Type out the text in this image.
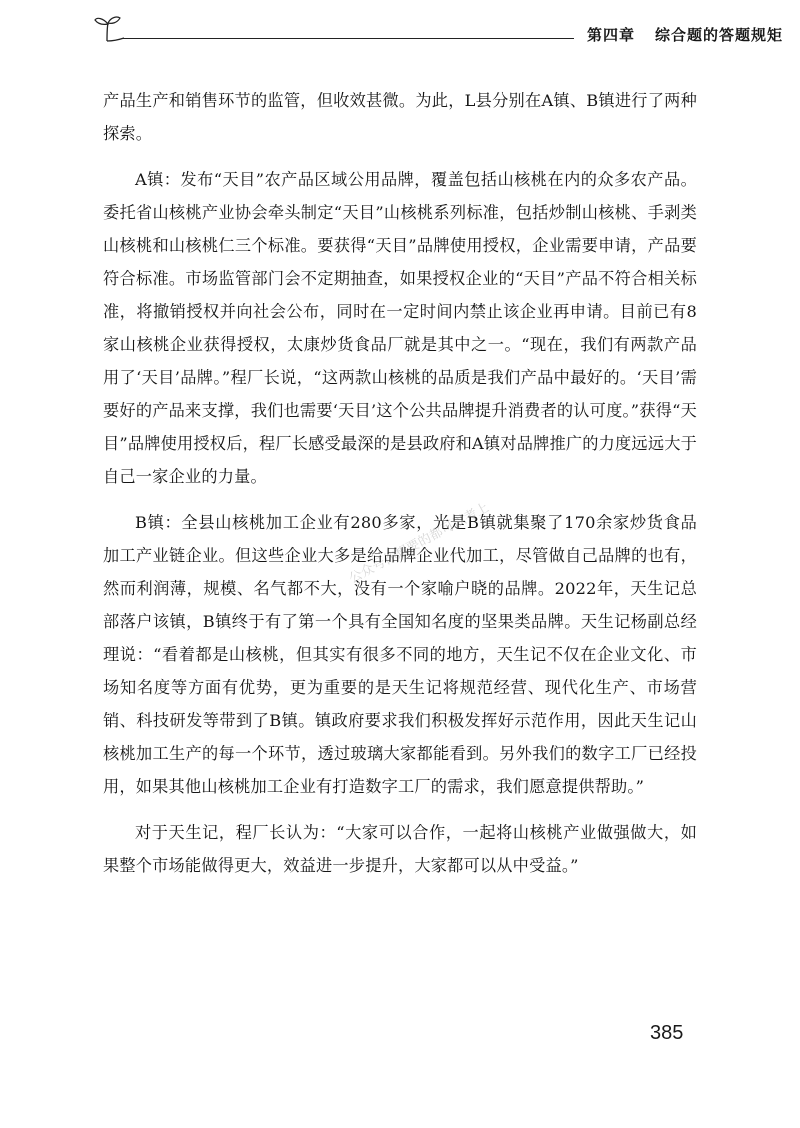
第四章 综合题的答题规矩
公众号你想要的都可以考上

产品生产和销售环节的监管，但收效甚微。为此，L县分别在A镇、B镇进行了两种探索。

A镇：发布“天目”农产品区域公用品牌，覆盖包括山核桃在内的众多农产品。委托省山核桃产业协会牵头制定“天目”山核桃系列标准，包括炒制山核桃、手剥类山核桃和山核桃仁三个标准。要获得“天目”品牌使用授权，企业需要申请，产品要符合标准。市场监管部门会不定期抽查，如果授权企业的“天目”产品不符合相关标准，将撤销授权并向社会公布，同时在一定时间内禁止该企业再申请。目前已有8家山核桃企业获得授权，太康炒货食品厂就是其中之一。“现在，我们有两款产品用了‘天目’品牌。”程厂长说，“这两款山核桃的品质是我们产品中最好的。‘天目’需要好的产品来支撑，我们也需要‘天目’这个公共品牌提升消费者的认可度。”获得“天目”品牌使用授权后，程厂长感受最深的是县政府和A镇对品牌推广的力度远远大于自己一家企业的力量。

B镇：全县山核桃加工企业有280多家，光是B镇就集聚了170余家炒货食品加工产业链企业。但这些企业大多是给品牌企业代加工，尽管做自己品牌的也有，然而利润薄，规模、名气都不大，没有一个家喻户晓的品牌。2022年，天生记总部落户该镇，B镇终于有了第一个具有全国知名度的坚果类品牌。天生记杨副总经理说：“看着都是山核桃，但其实有很多不同的地方，天生记不仅在企业文化、市场知名度等方面有优势，更为重要的是天生记将规范经营、现代化生产、市场营销、科技研发等带到了B镇。镇政府要求我们积极发挥好示范作用，因此天生记山核桃加工生产的每一个环节，透过玻璃大家都能看到。另外我们的数字工厂已经投用，如果其他山核桃加工企业有打造数字工厂的需求，我们愿意提供帮助。”

对于天生记，程厂长认为：“大家可以合作，一起将山核桃产业做强做大，如果整个市场能做得更大，效益进一步提升，大家都可以从中受益。”

385
